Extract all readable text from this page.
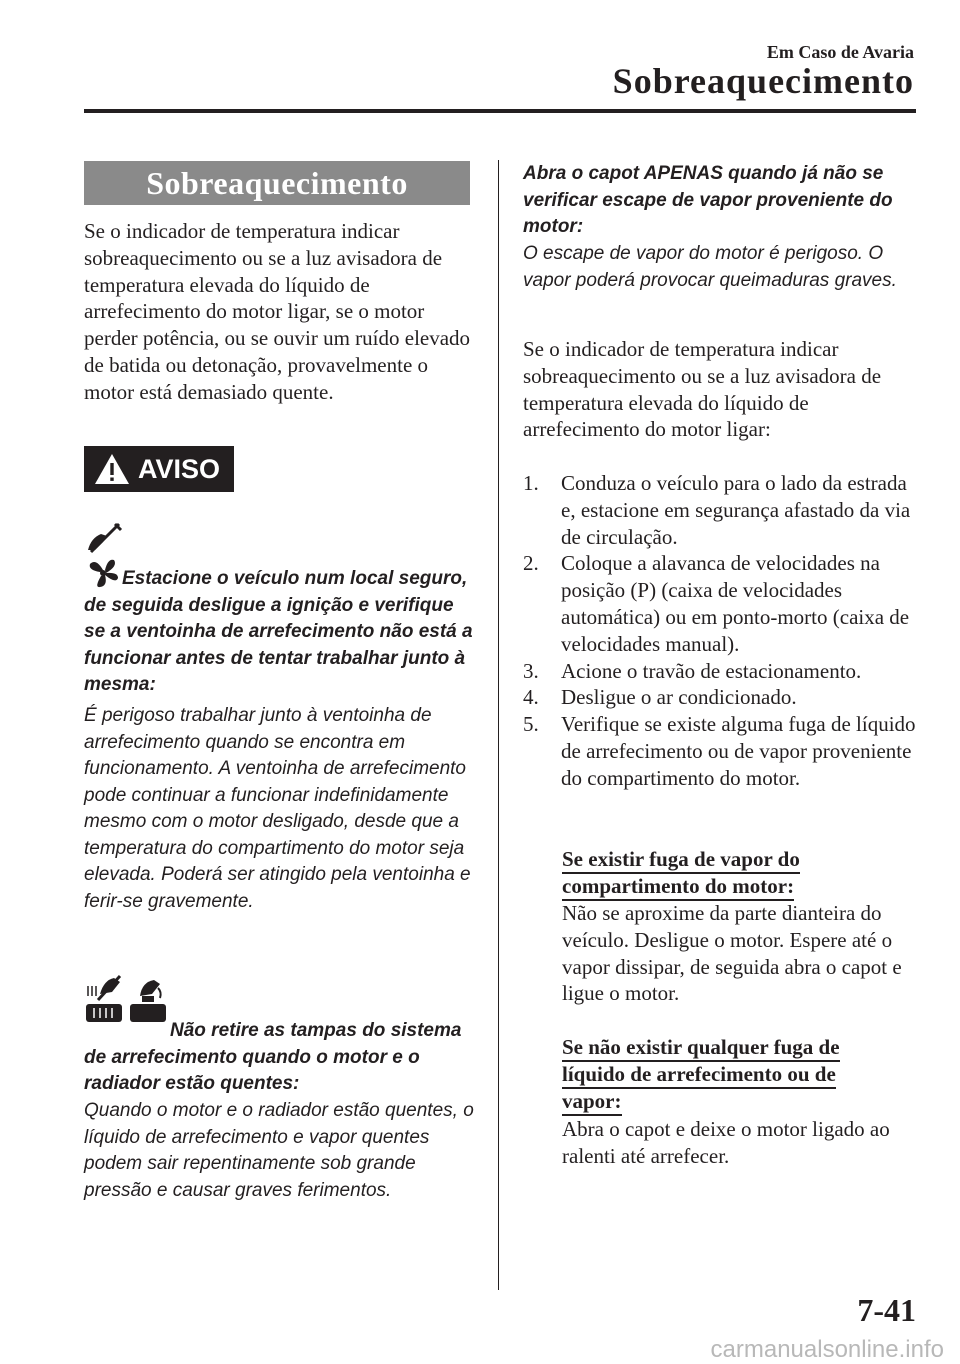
Em Caso de Avaria
Sobreaquecimento
Sobreaquecimento
Se o indicador de temperatura indicar sobreaquecimento ou se a luz avisadora de temperatura elevada do líquido de arrefecimento do motor ligar, se o motor perder potência, ou se ouvir um ruído elevado de batida ou detonação, provavelmente o motor está demasiado quente.
AVISO
Estacione o veículo num local seguro, de seguida desligue a ignição e verifique se a ventoinha de arrefecimento não está a funcionar antes de tentar trabalhar junto à mesma:
É perigoso trabalhar junto à ventoinha de arrefecimento quando se encontra em funcionamento. A ventoinha de arrefecimento pode continuar a funcionar indefinidamente mesmo com o motor desligado, desde que a temperatura do compartimento do motor seja elevada. Poderá ser atingido pela ventoinha e ferir-se gravemente.
Não retire as tampas do sistema de arrefecimento quando o motor e o radiador estão quentes:
Quando o motor e o radiador estão quentes, o líquido de arrefecimento e vapor quentes podem sair repentinamente sob grande pressão e causar graves ferimentos.
Abra o capot APENAS quando já não se verificar escape de vapor proveniente do motor:
O escape de vapor do motor é perigoso. O vapor poderá provocar queimaduras graves.
Se o indicador de temperatura indicar sobreaquecimento ou se a luz avisadora de temperatura elevada do líquido de arrefecimento do motor ligar:
1.	Conduza o veículo para o lado da estrada e, estacione em segurança afastado da via de circulação.
2.	Coloque a alavanca de velocidades na posição (P) (caixa de velocidades automática) ou em ponto-morto (caixa de velocidades manual).
3.	Acione o travão de estacionamento.
4.	Desligue o ar condicionado.
5.	Verifique se existe alguma fuga de líquido de arrefecimento ou de vapor proveniente do compartimento do motor.
Se existir fuga de vapor do compartimento do motor:
Não se aproxime da parte dianteira do veículo. Desligue o motor. Espere até o vapor dissipar, de seguida abra o capot e ligue o motor.
Se não existir qualquer fuga de líquido de arrefecimento ou de vapor:
Abra o capot e deixe o motor ligado ao ralenti até arrefecer.
7-41
carmanualsonline.info
